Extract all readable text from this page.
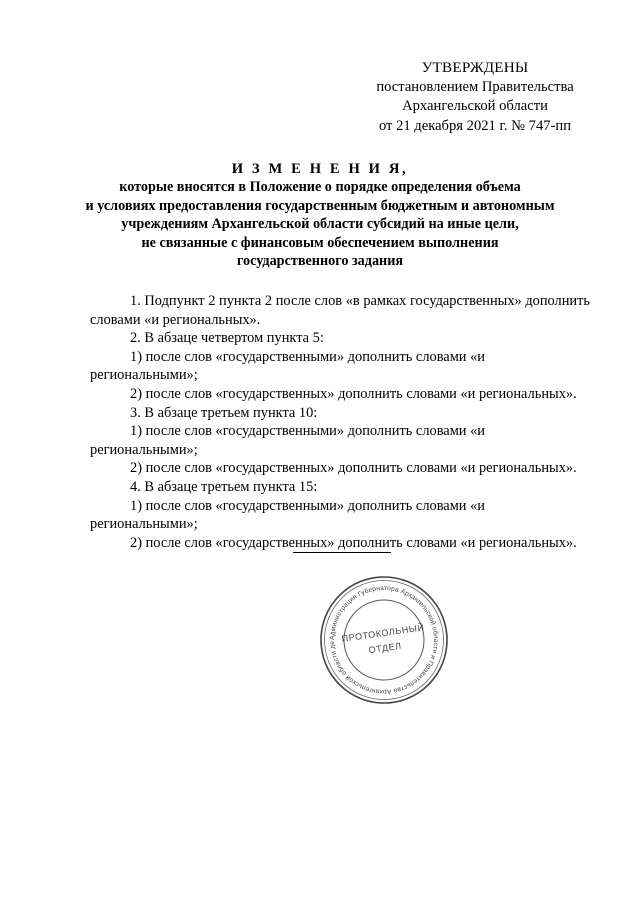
УТВЕРЖДЕНЫ
постановлением Правительства
Архангельской области
от 21 декабря 2021 г. № 747-пп
И З М Е Н Е Н И Я,
которые вносятся в Положение о порядке определения объема
и условиях предоставления государственным бюджетным и автономным
учреждениям Архангельской области субсидий на иные цели,
не связанные с финансовым обеспечением выполнения
государственного задания

1. Подпункт 2 пункта 2 после слов «в рамках государственных» дополнить словами «и региональных».

2. В абзаце четвертом пункта 5:

1) после слов «государственными» дополнить словами «и региональными»;

2) после слов «государственных» дополнить словами «и региональных».

3. В абзаце третьем пункта 10:

1) после слов «государственными» дополнить словами «и региональными»;

2) после слов «государственных» дополнить словами «и региональных».

4. В абзаце третьем пункта 15:

1) после слов «государственными» дополнить словами «и региональными»;

2) после слов «государственных» дополнить словами «и региональных».

Администрация Губернатора Архангельской области и Правительства Архангельской области де ПРОТОКОЛЬНЫЙ
ОТДЕЛ
